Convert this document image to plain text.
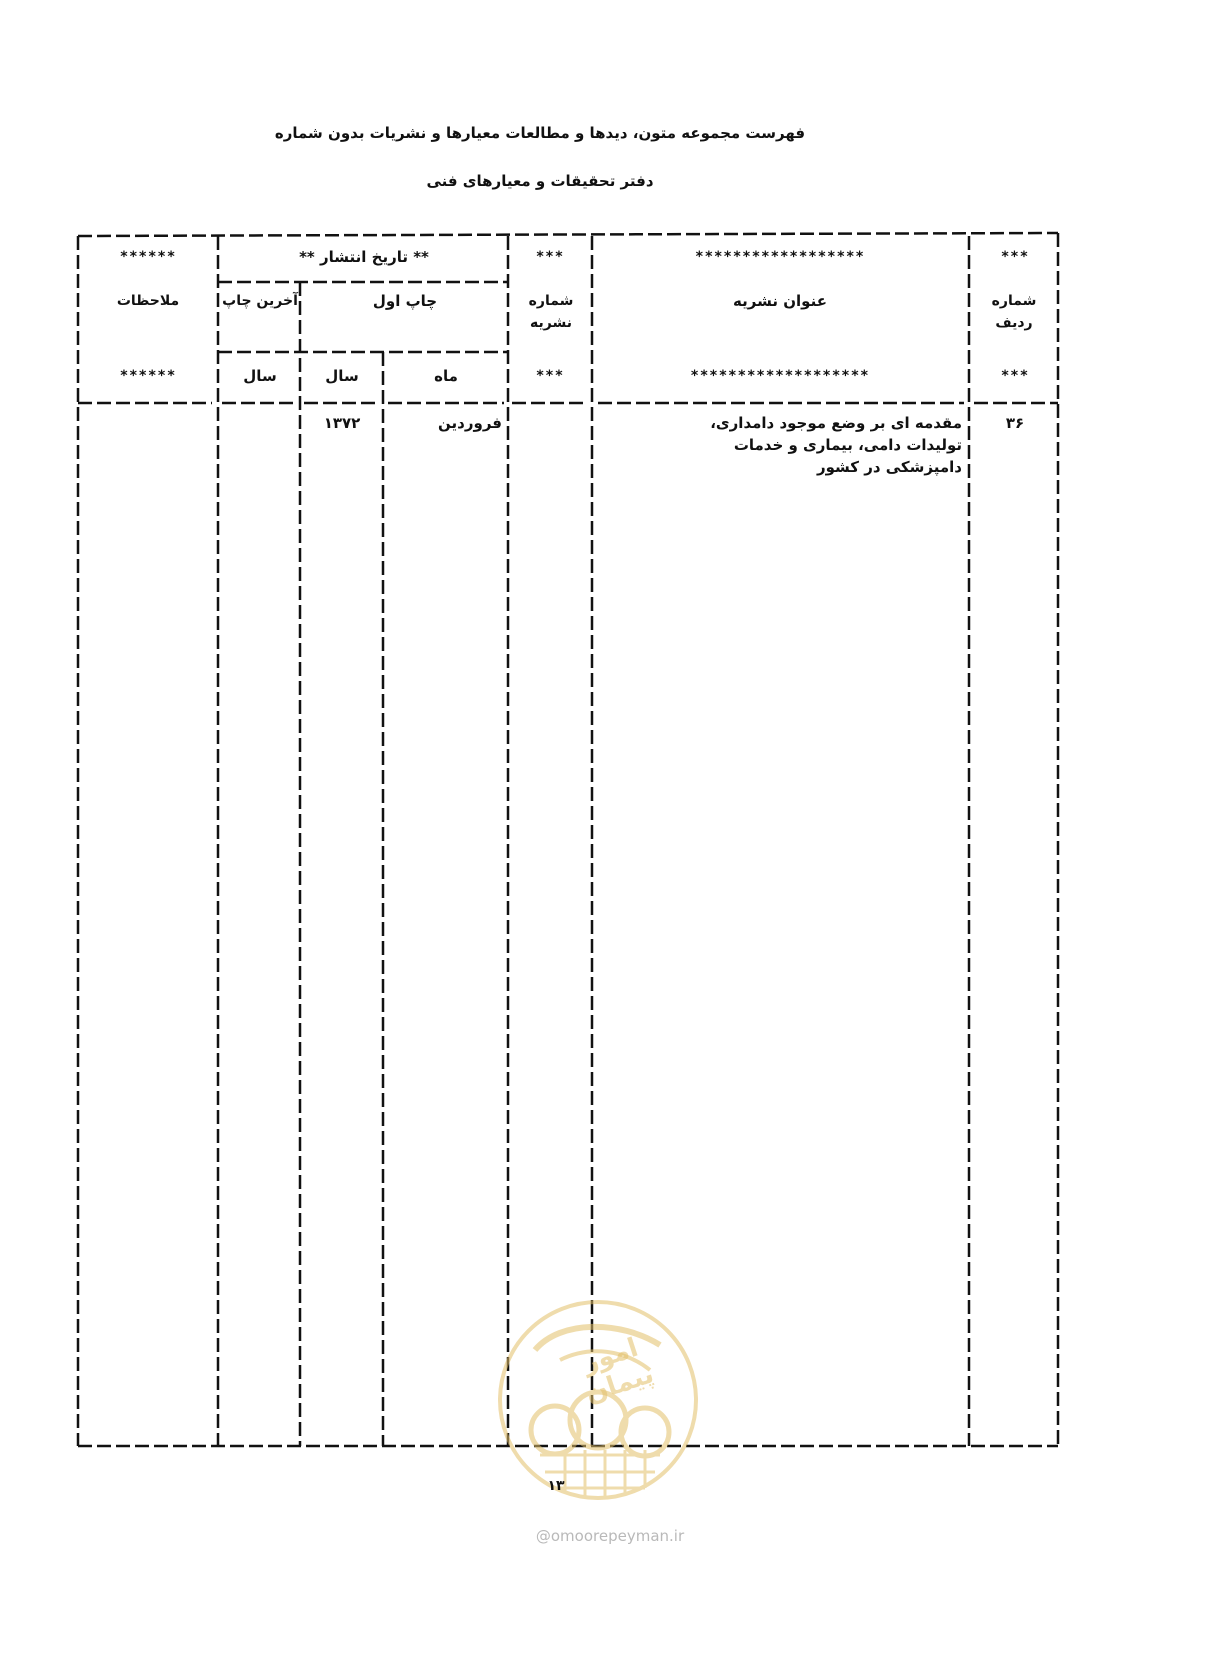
فهرست مجموعه متون، دیدها و مطالعات معیارها و نشریات بدون شماره
دفتر تحقیقات و معیارهای فنی
***
******************
***
** تاریخ انتشار **
******
شماره ردیف
عنوان نشریه
شماره نشریه
چاپ اول
آخرین چاپ
ملاحظات
***
*******************
***
ماه
سال
سال
******
۳۶
مقدمه ای بر وضع موجود دامداری،
تولیدات دامی، بیماری و خدمات
دامپزشکی در کشور
فروردین
۱۳۷۲
امور پیمان
۱۳
@omoorepeyman.ir
